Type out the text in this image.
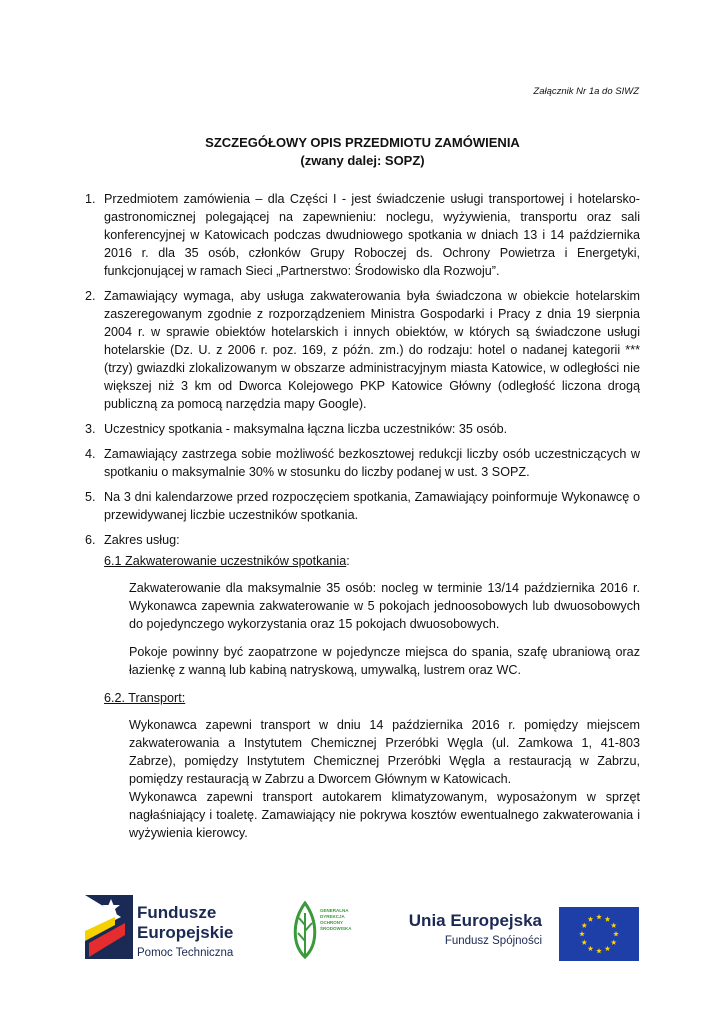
Załącznik Nr 1a do SIWZ
SZCZEGÓŁOWY OPIS PRZEDMIOTU ZAMÓWIENIA
(zwany dalej: SOPZ)
1. Przedmiotem zamówienia – dla Części I - jest świadczenie usługi transportowej i hotelarsko-gastronomicznej polegającej na zapewnieniu: noclegu, wyżywienia, transportu oraz sali konferencyjnej w Katowicach podczas dwudniowego spotkania w dniach 13 i 14 października 2016 r. dla 35 osób, członków Grupy Roboczej ds. Ochrony Powietrza i Energetyki, funkcjonującej w ramach Sieci „Partnerstwo: Środowisko dla Rozwoju”.

2. Zamawiający wymaga, aby usługa zakwaterowania była świadczona w obiekcie hotelarskim zaszeregowanym zgodnie z rozporządzeniem Ministra Gospodarki i Pracy z dnia 19 sierpnia 2004 r. w sprawie obiektów hotelarskich i innych obiektów, w których są świadczone usługi hotelarskie (Dz. U. z 2006 r. poz. 169, z późn. zm.) do rodzaju: hotel o nadanej kategorii *** (trzy) gwiazdki zlokalizowanym w obszarze administracyjnym miasta Katowice, w odległości nie większej niż 3 km od Dworca Kolejowego PKP Katowice Główny (odległość liczona drogą publiczną za pomocą narzędzia mapy Google).

3. Uczestnicy spotkania - maksymalna łączna liczba uczestników: 35 osób.

4. Zamawiający zastrzega sobie możliwość bezkosztowej redukcji liczby osób uczestniczących w spotkaniu o maksymalnie 30% w stosunku do liczby podanej w ust. 3 SOPZ.

5. Na 3 dni kalendarzowe przed rozpoczęciem spotkania, Zamawiający poinformuje Wykonawcę o przewidywanej liczbie uczestników spotkania.

6. Zakres usług:

6.1 Zakwaterowanie uczestników spotkania:

Zakwaterowanie dla maksymalnie 35 osób: nocleg w terminie 13/14 października 2016 r. Wykonawca zapewnia zakwaterowanie w 5 pokojach jednoosobowych lub dwuosobowych do pojedynczego wykorzystania oraz 15 pokojach dwuosobowych.

Pokoje powinny być zaopatrzone w pojedyncze miejsca do spania, szafę ubraniową oraz łazienkę z wanną lub kabiną natryskową, umywalką, lustrem oraz WC.

6.2. Transport:

Wykonawca zapewni transport w dniu 14 października 2016 r. pomiędzy miejscem zakwaterowania a Instytutem Chemicznej Przeróbki Węgla (ul. Zamkowa 1, 41-803 Zabrze), pomiędzy Instytutem Chemicznej Przeróbki Węgla a restauracją w Zabrzu, pomiędzy restauracją w Zabrzu a Dworcem Głównym w Katowicach.

Wykonawca zapewni transport autokarem klimatyzowanym, wyposażonym w sprzęt nagłaśniający i toaletę. Zamawiający nie pokrywa kosztów ewentualnego zakwaterowania i wyżywienia kierowcy.

Fundusze
Europejskie
Pomoc Techniczna
GENERALNA
DYREKCJA
OCHRONY
ŚRODOWISKA	Unia Europejska
Fundusz Spójności
